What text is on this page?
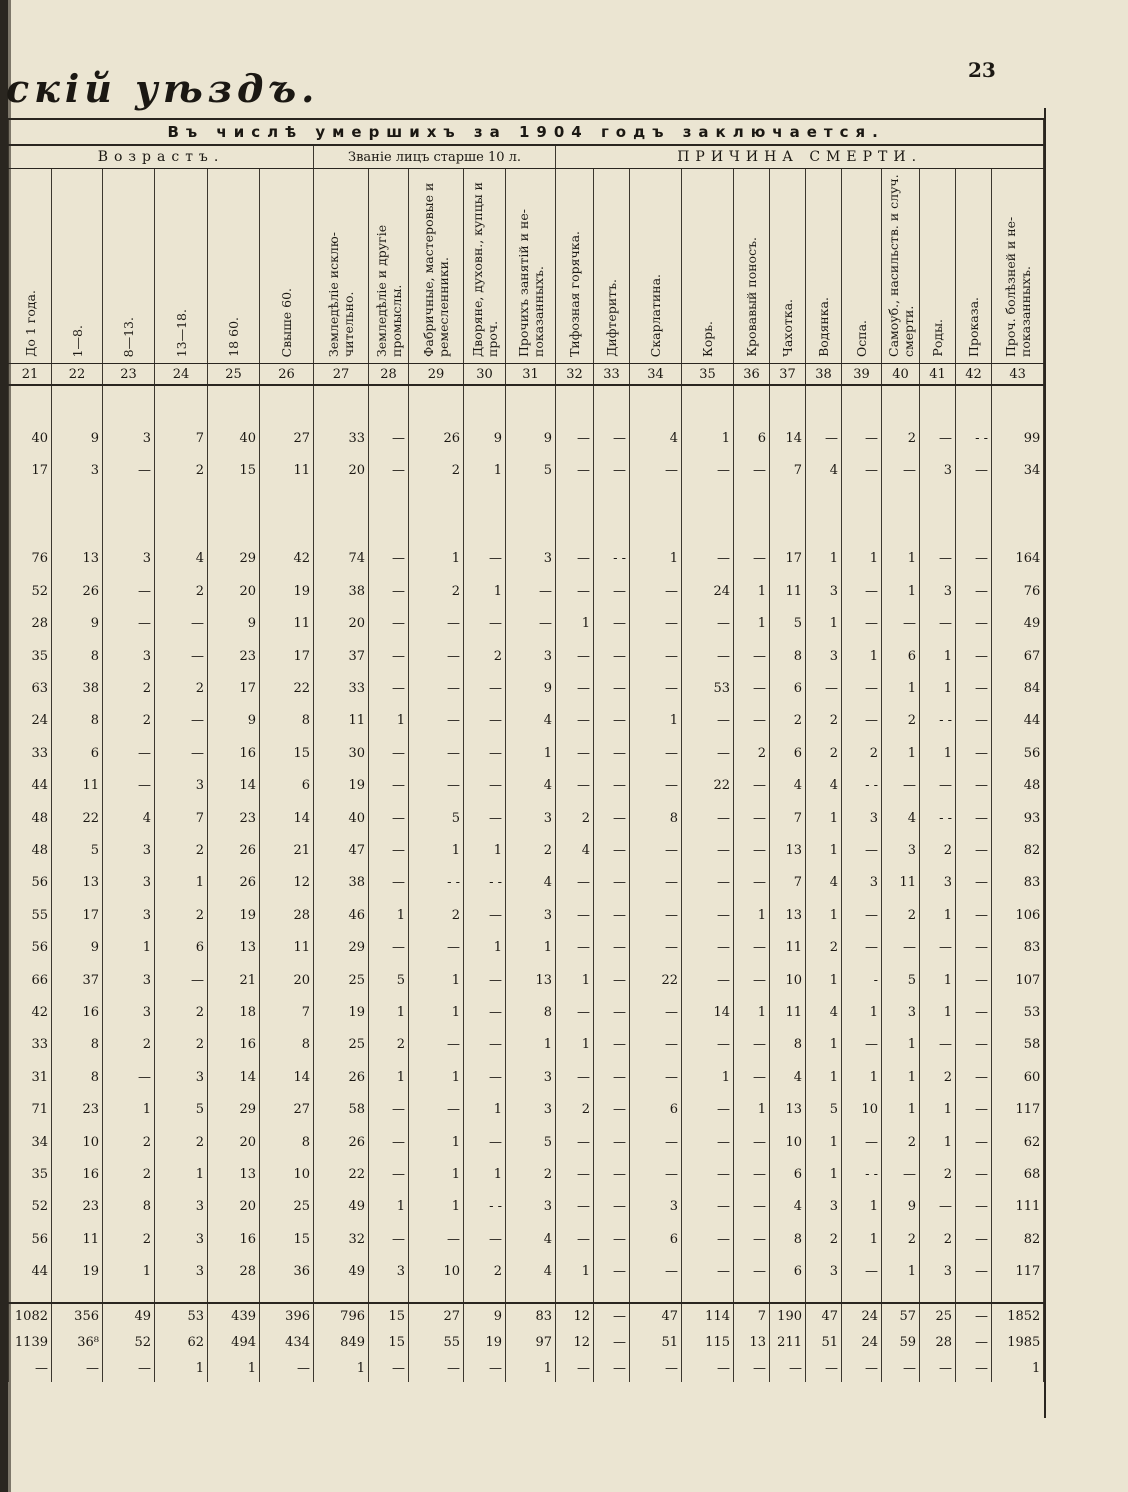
скій уѣздъ.	23
Въ числѣ умершихъ за 1904 годъ заключается.																						
Возрастъ.						Званіе лицъ старше 10 л.					ПРИЧИНА СМЕРТИ.											

До 1 года.	1—8.	8—13.	13—18.	18 60.	Свыше 60.	Земледѣліе исклю-чительно.	Земледѣліе и другіе промыслы.	Фабричные, мастеровые и ремесленники.	Дворяне, духовн., купцы и проч.	Прочихъ занятій и не-показанныхъ.	Тифозная горячка.	Дифтеритъ.	Скарлатина.	Корь.	Кровавый поносъ.	Чахотка.	Водянка.	Оспа.	Самоуб., насильств. и случ. смерти.	Роды.	Проказа.	Проч. болѣзней и не-показанныхъ.

21	22	23	24	25	26	27	28	29	30	31	32	33	34	35	36	37	38	39	40	41	42	43

40	9	3	7	40	27	33	—	26	9	9	—	—	4	1	6	14	—	—	2	—	- -	99
17	3	—	2	15	11	20	—	2	1	5	—	—	—	—	—	7	4	—	—	3	—	34

76	13	3	4	29	42	74	—	1	—	3	—	- -	1	—	—	17	1	1	1	—	—	164
52	26	—	2	20	19	38	—	2	1	—	—	—	—	24	1	11	3	—	1	3	—	76
28	9	—	—	9	11	20	—	—	—	—	1	—	—	—	1	5	1	—	—	—	—	49
35	8	3	—	23	17	37	—	—	2	3	—	—	—	—	—	8	3	1	6	1	—	67
63	38	2	2	17	22	33	—	—	—	9	—	—	—	53	—	6	—	—	1	1	—	84
24	8	2	—	9	8	11	1	—	—	4	—	—	1	—	—	2	2	—	2	- -	—	44
33	6	—	—	16	15	30	—	—	—	1	—	—	—	—	2	6	2	2	1	1	—	56
44	11	—	3	14	6	19	—	—	—	4	—	—	—	22	—	4	4	- -	—	—	—	48
48	22	4	7	23	14	40	—	5	—	3	2	—	8	—	—	7	1	3	4	- -	—	93
48	5	3	2	26	21	47	—	1	1	2	4	—	—	—	—	13	1	—	3	2	—	82
56	13	3	1	26	12	38	—	- -	- -	4	—	—	—	—	—	7	4	3	11	3	—	83
55	17	3	2	19	28	46	1	2	—	3	—	—	—	—	1	13	1	—	2	1	—	106
56	9	1	6	13	11	29	—	—	1	1	—	—	—	—	—	11	2	—	—	—	—	83
66	37	3	—	21	20	25	5	1	—	13	1	—	22	—	—	10	1	-	5	1	—	107
42	16	3	2	18	7	19	1	1	—	8	—	—	—	14	1	11	4	1	3	1	—	53
33	8	2	2	16	8	25	2	—	—	1	1	—	—	—	—	8	1	—	1	—	—	58
31	8	—	3	14	14	26	1	1	—	3	—	—	—	1	—	4	1	1	1	2	—	60
71	23	1	5	29	27	58	—	—	1	3	2	—	6	—	1	13	5	10	1	1	—	117
34	10	2	2	20	8	26	—	1	—	5	—	—	—	—	—	10	1	—	2	1	—	62
35	16	2	1	13	10	22	—	1	1	2	—	—	—	—	—	6	1	- -	—	2	—	68
52	23	8	3	20	25	49	1	1	- -	3	—	—	3	—	—	4	3	1	9	—	—	111
56	11	2	3	16	15	32	—	—	—	4	—	—	6	—	—	8	2	1	2	2	—	82
44	19	1	3	28	36	49	3	10	2	4	1	—	—	—	—	6	3	—	1	3	—	117

1082	356	49	53	439	396	796	15	27	9	83	12	—	47	114	7	190	47	24	57	25	—	1852
1139	36⁸	52	62	494	434	849	15	55	19	97	12	—	51	115	13	211	51	24	59	28	—	1985
—	—	—	1	1	—	1	—	—	—	1	—	—	—	—	—	—	—	—	—	—	—	1
